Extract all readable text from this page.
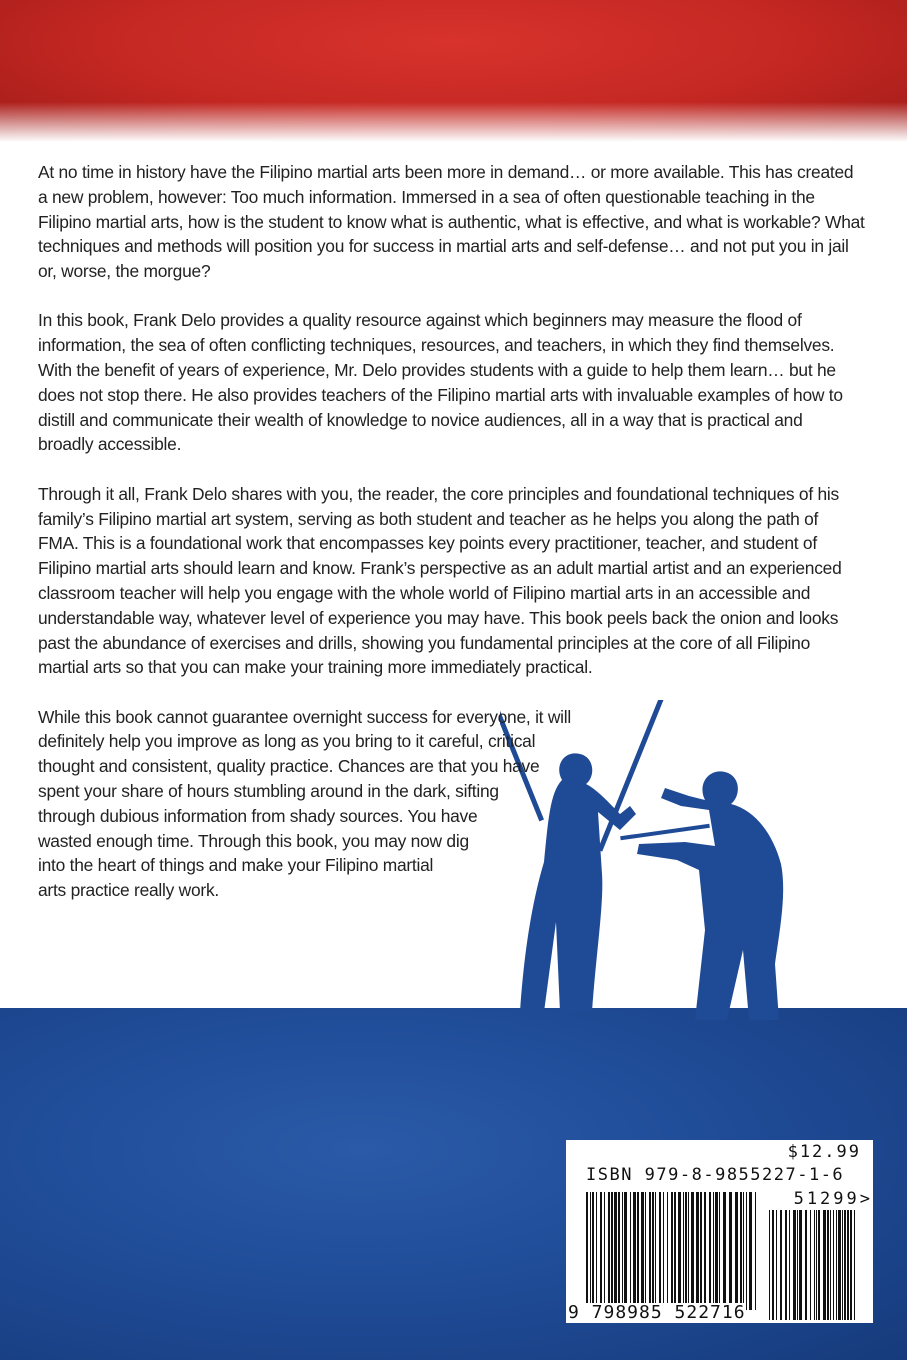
At no time in history have the Filipino martial arts been more in demand… or more available. This has created
a new problem, however: Too much information. Immersed in a sea of often questionable teaching in the
Filipino martial arts, how is the student to know what is authentic, what is effective, and what is workable? What
techniques and methods will position you for success in martial arts and self-defense… and not put you in jail
or, worse, the morgue?
In this book, Frank Delo provides a quality resource against which beginners may measure the flood of
information, the sea of often conflicting techniques, resources, and teachers, in which they find themselves.
With the benefit of years of experience, Mr. Delo provides students with a guide to help them learn… but he
does not stop there. He also provides teachers of the Filipino martial arts with invaluable examples of how to
distill and communicate their wealth of knowledge to novice audiences, all in a way that is practical and
broadly accessible.
Through it all, Frank Delo shares with you, the reader, the core principles and foundational techniques of his
family’s Filipino martial art system, serving as both student and teacher as he helps you along the path of
FMA. This is a foundational work that encompasses key points every practitioner, teacher, and student of
Filipino martial arts should learn and know. Frank’s perspective as an adult martial artist and an experienced
classroom teacher will help you engage with the whole world of Filipino martial arts in an accessible and
understandable way, whatever level of experience you may have. This book peels back the onion and looks
past the abundance of exercises and drills, showing you fundamental principles at the core of all Filipino
martial arts so that you can make your training more immediately practical.
While this book cannot guarantee overnight success for everyone, it will
definitely help you improve as long as you bring to it careful, critical
thought and consistent, quality practice. Chances are that you have
spent your share of hours stumbling around in the dark, sifting
through dubious information from shady sources. You have
wasted enough time. Through this book, you may now dig
into the heart of things and make your Filipino martial
arts practice really work.
$12.99
ISBN 979-8-9855227-1-6
51299>
9 798985 522716
